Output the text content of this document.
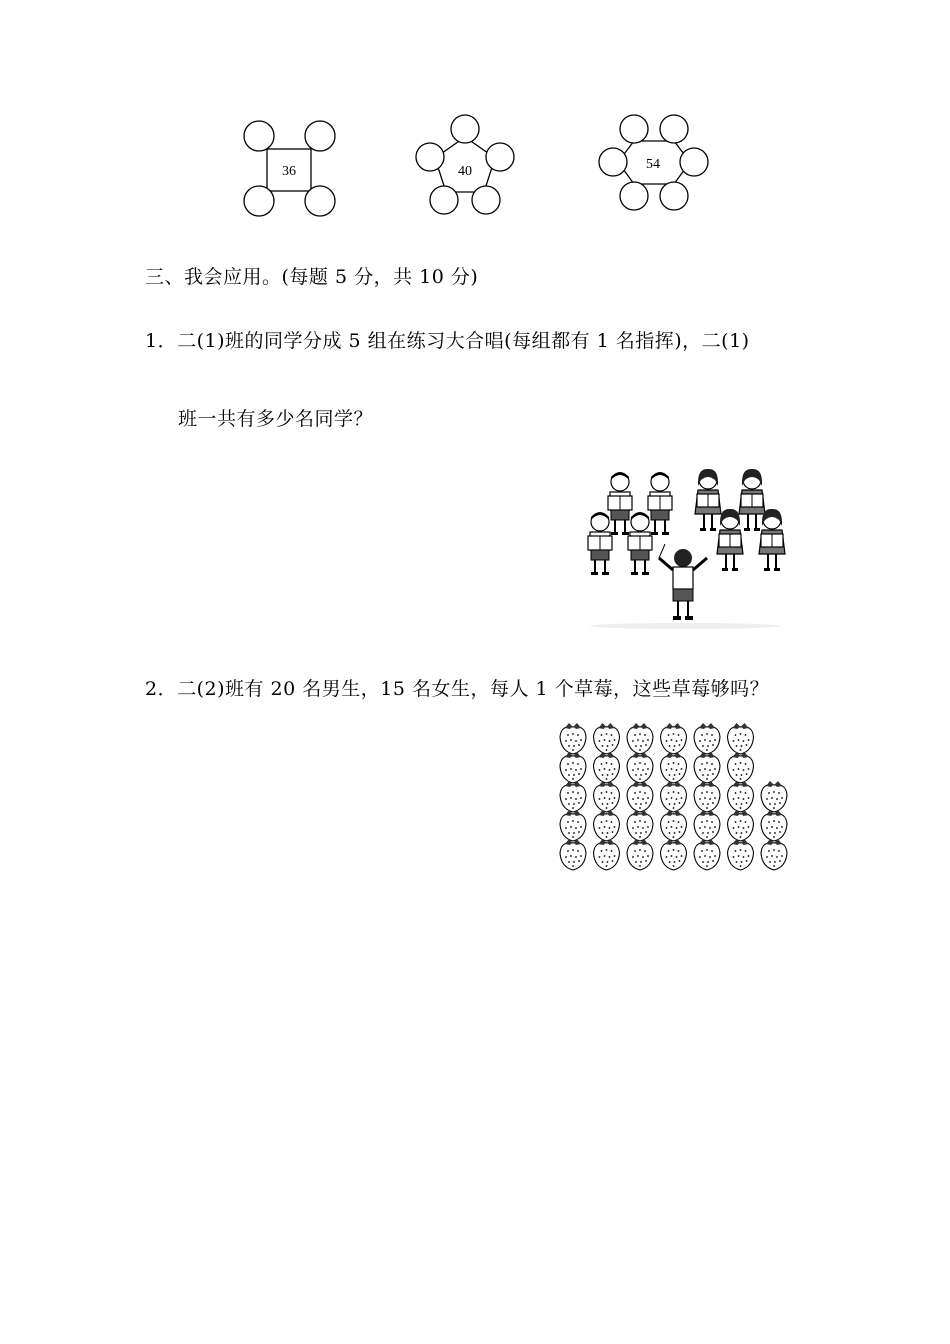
36	40	54
三、我会应用。(每题 5 分，共 10 分)
1．二(1)班的同学分成 5 组在练习大合唱(每组都有 1 名指挥)，二(1)
班一共有多少名同学？
2．二(2)班有 20 名男生，15 名女生，每人 1 个草莓，这些草莓够吗？
